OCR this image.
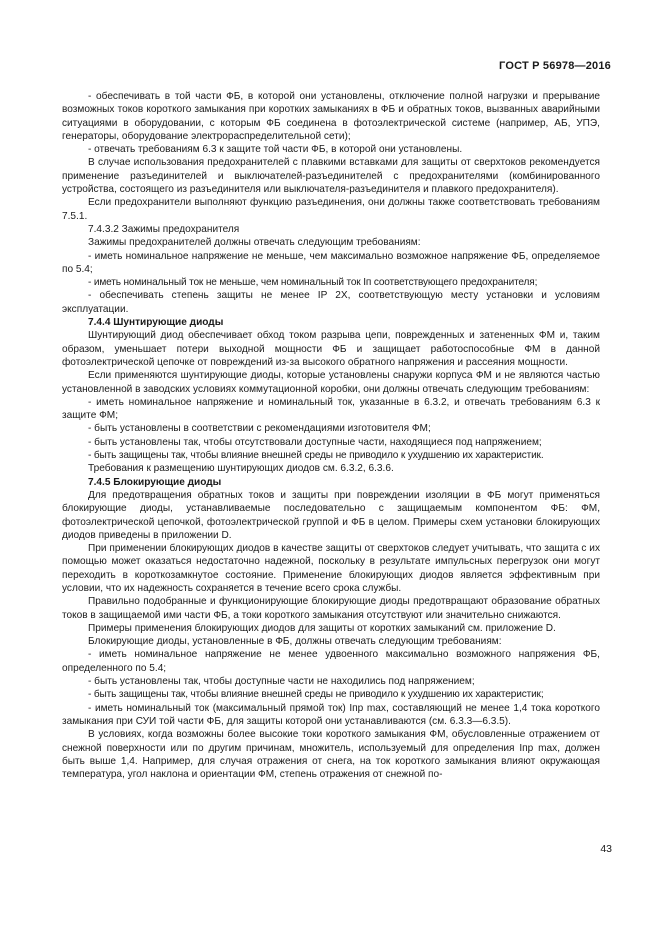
ГОСТ Р 56978—2016

- обеспечивать в той части ФБ, в которой они установлены, отключение полной нагрузки и прерывание возможных токов короткого замыкания при коротких замыканиях в ФБ и обратных токов, вызванных аварийными ситуациями в оборудовании, с которым ФБ соединена в фотоэлектрической системе (например, АБ, УПЭ, генераторы, оборудование электрораспределительной сети);

- отвечать требованиям 6.3 к защите той части ФБ, в которой они установлены.

В случае использования предохранителей с плавкими вставками для защиты от сверхтоков рекомендуется применение разъединителей и выключателей-разъединителей с предохранителями (комбинированного устройства, состоящего из разъединителя или выключателя-разъединителя и плавкого предохранителя).

Если предохранители выполняют функцию разъединения, они должны также соответствовать требованиям 7.5.1.

7.4.3.2 Зажимы предохранителя

Зажимы предохранителей должны отвечать следующим требованиям:

- иметь номинальное напряжение не меньше, чем максимально возможное напряжение ФБ, определяемое по 5.4;

- иметь номинальный ток не меньше, чем номинальный ток Iп соответствующего предохранителя;

- обеспечивать степень защиты не менее IP 2X, соответствующую месту установки и условиям эксплуатации.

7.4.4 Шунтирующие диоды

Шунтирующий диод обеспечивает обход током разрыва цепи, поврежденных и затененных ФМ и, таким образом, уменьшает потери выходной мощности ФБ и защищает работоспособные ФМ в данной фотоэлектрической цепочке от повреждений из-за высокого обратного напряжения и рассеяния мощности.

Если применяются шунтирующие диоды, которые установлены снаружи корпуса ФМ и не являются частью установленной в заводских условиях коммутационной коробки, они должны отвечать следующим требованиям:

- иметь номинальное напряжение и номинальный ток, указанные в 6.3.2, и отвечать требованиям 6.3 к защите ФМ;

- быть установлены в соответствии с рекомендациями изготовителя ФМ;

- быть установлены так, чтобы отсутствовали доступные части, находящиеся под напряжением;

- быть защищены так, чтобы влияние внешней среды не приводило к ухудшению их характеристик.

Требования к размещению шунтирующих диодов см. 6.3.2, 6.3.6.

7.4.5 Блокирующие диоды

Для предотвращения обратных токов и защиты при повреждении изоляции в ФБ могут применяться блокирующие диоды, устанавливаемые последовательно с защищаемым компонентом ФБ: ФМ, фотоэлектрической цепочкой, фотоэлектрической группой и ФБ в целом. Примеры схем установки блокирующих диодов приведены в приложении D.

При применении блокирующих диодов в качестве защиты от сверхтоков следует учитывать, что защита с их помощью может оказаться недостаточно надежной, поскольку в результате импульсных перегрузок они могут переходить в короткозамкнутое состояние. Применение блокирующих диодов является эффективным при условии, что их надежность сохраняется в течение всего срока службы.

Правильно подобранные и функционирующие блокирующие диоды предотвращают образование обратных токов в защищаемой ими части ФБ, а токи короткого замыкания отсутствуют или значительно снижаются.

Примеры применения блокирующих диодов для защиты от коротких замыканий см. приложение D.

Блокирующие диоды, установленные в ФБ, должны отвечать следующим требованиям:

- иметь номинальное напряжение не менее удвоенного максимально возможного напряжения ФБ, определенного по 5.4;

- быть установлены так, чтобы доступные части не находились под напряжением;

- быть защищены так, чтобы влияние внешней среды не приводило к ухудшению их характеристик;

- иметь номинальный ток (максимальный прямой ток) Iпр max, составляющий не менее 1,4 тока короткого замыкания при СУИ той части ФБ, для защиты которой они устанавливаются (см. 6.3.3—6.3.5).

В условиях, когда возможны более высокие токи короткого замыкания ФМ, обусловленные отражением от снежной поверхности или по другим причинам, множитель, используемый для определения Iпр max, должен быть выше 1,4. Например, для случая отражения от снега, на ток короткого замыкания влияют окружающая температура, угол наклона и ориентации ФМ, степень отражения от снежной по-

43
